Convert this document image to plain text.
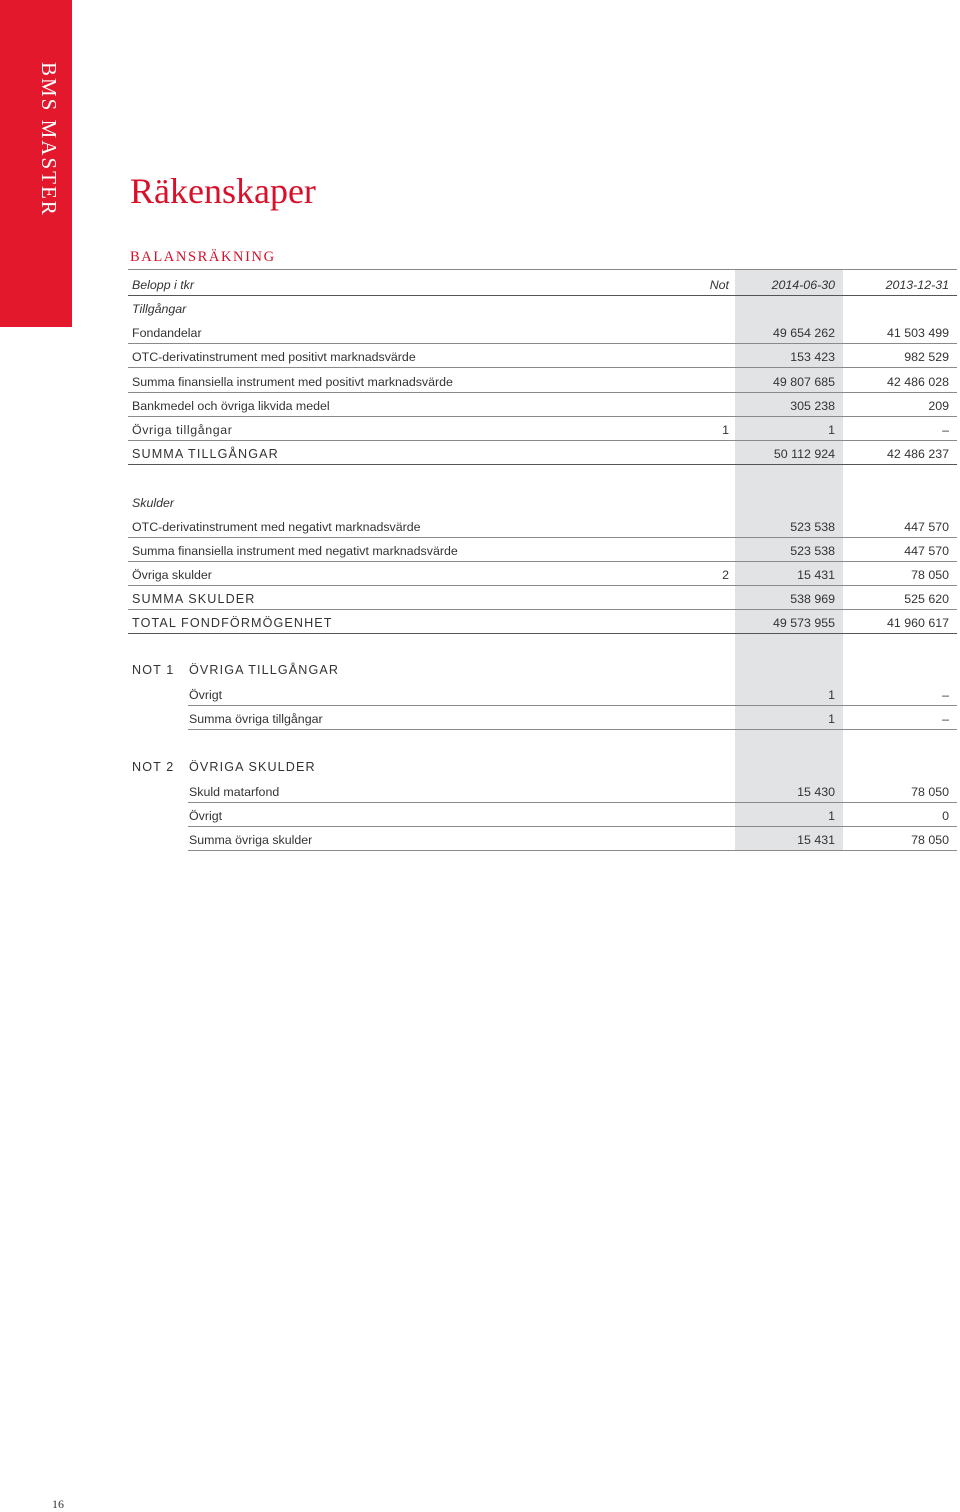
BMS MASTER Räkenskaper
BALANSRÄKNING
Belopp i tkr	Not	2014-06-30	2013-12-31
Tillgångar
Fondandelar	49 654 262	41 503 499
OTC-derivatinstrument med positivt marknadsvärde	153 423	982 529
Summa finansiella instrument med positivt marknadsvärde	49 807 685	42 486 028
Bankmedel och övriga likvida medel	305 238	209
Övriga tillgångar	1	1	–
SUMMA TILLGÅNGAR	50 112 924	42 486 237
Skulder
OTC-derivatinstrument med negativt marknadsvärde	523 538	447 570
Summa finansiella instrument med negativt marknadsvärde	523 538	447 570
Övriga skulder	2	15 431	78 050
SUMMA SKULDER	538 969	525 620
TOTAL FONDFÖRMÖGENHET	49 573 955	41 960 617
NOT 1 ÖVRIGA TILLGÅNGAR
Övrigt	1	–
Summa övriga tillgångar	1	–
NOT 2 ÖVRIGA SKULDER
Skuld matarfond	15 430	78 050
Övrigt	1	0
Summa övriga skulder	15 431	78 050
16
